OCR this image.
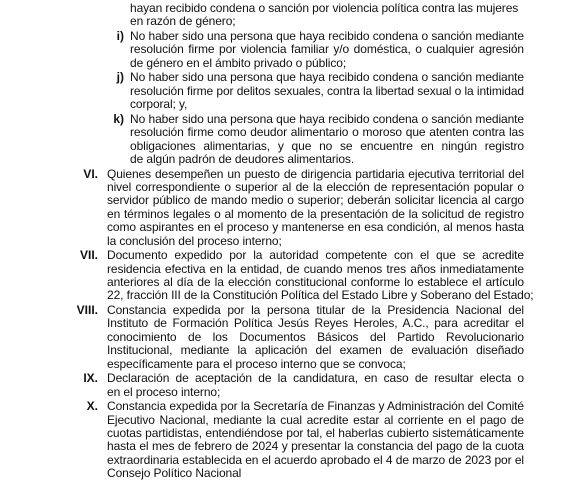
hayan recibido condena o sanción por violencia política contra las mujeres
en razón de género;
i) No haber sido una persona que haya recibido condena o sanción mediante
resolución firme por violencia familiar y/o doméstica, o cualquier agresión
de género en el ámbito privado o público;
j) No haber sido una persona que haya recibido condena o sanción mediante
resolución firme por delitos sexuales, contra la libertad sexual o la intimidad
corporal; y,
k) No haber sido una persona que haya recibido condena o sanción mediante
resolución firme como deudor alimentario o moroso que atenten contra las
obligaciones alimentarias, y que no se encuentre en ningún registro
de algún padrón de deudores alimentarios.
VI. Quienes desempeñen un puesto de dirigencia partidaria ejecutiva territorial del
nivel correspondiente o superior al de la elección de representación popular o
servidor público de mando medio o superior; deberán solicitar licencia al cargo
en términos legales o al momento de la presentación de la solicitud de registro
como aspirantes en el proceso y mantenerse en esa condición, al menos hasta
la conclusión del proceso interno;
VII. Documento expedido por la autoridad competente con el que se acredite
residencia efectiva en la entidad, de cuando menos tres años inmediatamente
anteriores al día de la elección constitucional conforme lo establece el artículo
22, fracción III de la Constitución Política del Estado Libre y Soberano del Estado;
VIII. Constancia expedida por la persona titular de la Presidencia Nacional del
Instituto de Formación Política Jesús Reyes Heroles, A.C., para acreditar el
conocimiento de los Documentos Básicos del Partido Revolucionario
Institucional, mediante la aplicación del examen de evaluación diseñado
específicamente para el proceso interno que se convoca;
IX. Declaración de aceptación de la candidatura, en caso de resultar electa o
en el proceso interno;
X. Constancia expedida por la Secretaría de Finanzas y Administración del Comité
Ejecutivo Nacional, mediante la cual acredite estar al corriente en el pago de
cuotas partidistas, entendiéndose por tal, el haberlas cubierto sistemáticamente
hasta el mes de febrero de 2024 y presentar la constancia del pago de la cuota
extraordinaria establecida en el acuerdo aprobado el 4 de marzo de 2023 por el
Consejo Político Nacional
